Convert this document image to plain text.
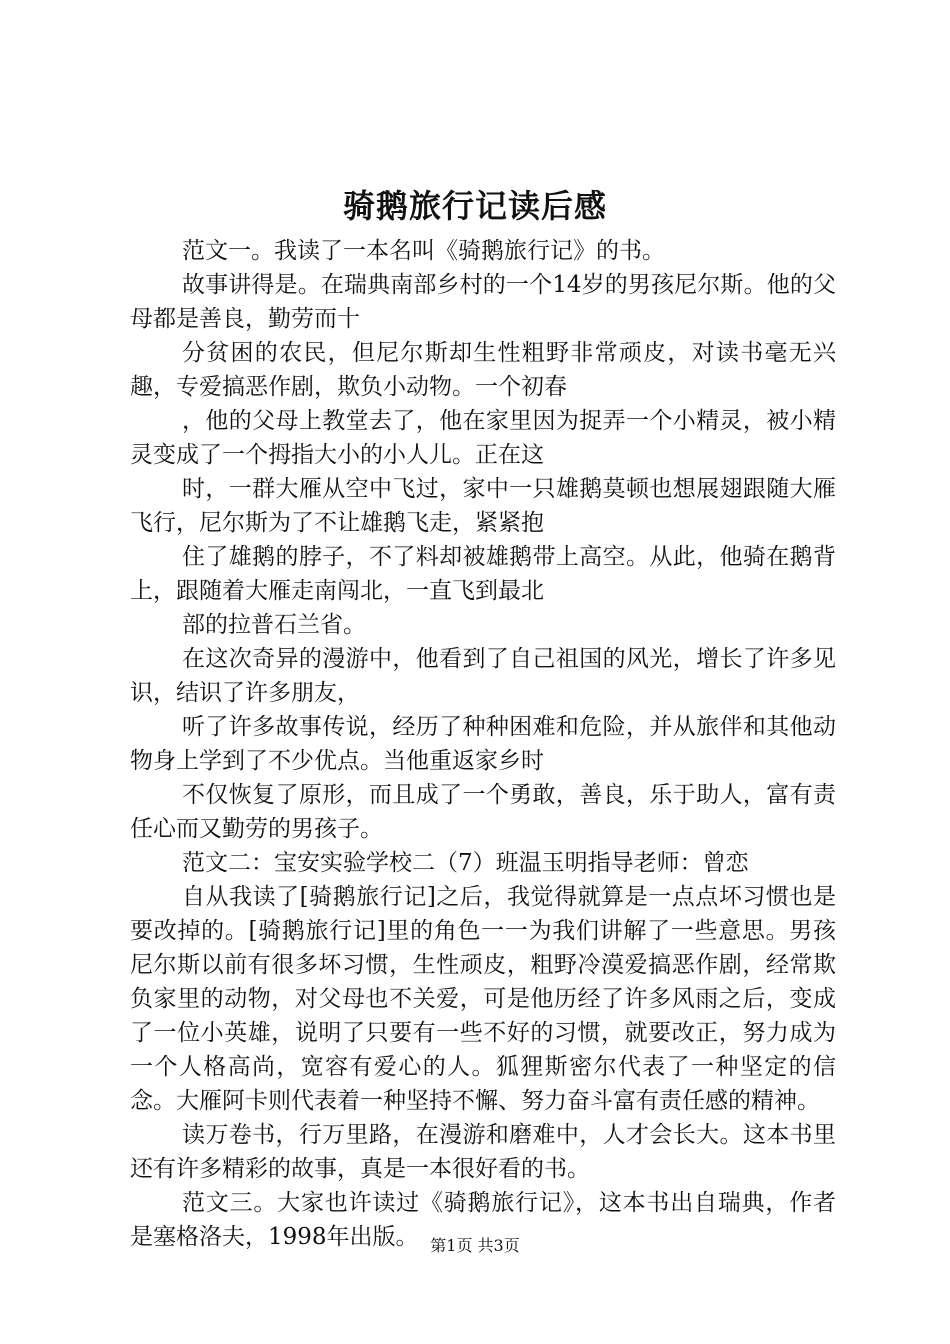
骑鹅旅行记读后感

范文一。我读了一本名叫《骑鹅旅行记》的书。

故事讲得是。在瑞典南部乡村的一个14岁的男孩尼尔斯。他的父母都是善良，勤劳而十

分贫困的农民，但尼尔斯却生性粗野非常顽皮，对读书毫无兴趣，专爱搞恶作剧，欺负小动物。一个初春

，他的父母上教堂去了，他在家里因为捉弄一个小精灵，被小精灵变成了一个拇指大小的小人儿。正在这

时，一群大雁从空中飞过，家中一只雄鹅莫顿也想展翅跟随大雁飞行，尼尔斯为了不让雄鹅飞走，紧紧抱

住了雄鹅的脖子，不了料却被雄鹅带上高空。从此，他骑在鹅背上，跟随着大雁走南闯北，一直飞到最北

部的拉普石兰省。

在这次奇异的漫游中，他看到了自己祖国的风光，增长了许多见识，结识了许多朋友，

听了许多故事传说，经历了种种困难和危险，并从旅伴和其他动物身上学到了不少优点。当他重返家乡时

不仅恢复了原形，而且成了一个勇敢，善良，乐于助人，富有责任心而又勤劳的男孩子。

范文二：宝安实验学校二（7）班温玉明指导老师：曾恋

自从我读了[骑鹅旅行记]之后，我觉得就算是一点点坏习惯也是要改掉的。[骑鹅旅行记]里的角色一一为我们讲解了一些意思。男孩尼尔斯以前有很多坏习惯，生性顽皮，粗野冷漠爱搞恶作剧，经常欺负家里的动物，对父母也不关爱，可是他历经了许多风雨之后，变成了一位小英雄，说明了只要有一些不好的习惯，就要改正，努力成为一个人格高尚，宽容有爱心的人。狐狸斯密尔代表了一种坚定的信念。大雁阿卡则代表着一种坚持不懈、努力奋斗富有责任感的精神。

读万卷书，行万里路，在漫游和磨难中，人才会长大。这本书里还有许多精彩的故事，真是一本很好看的书。

范文三。大家也许读过《骑鹅旅行记》，这本书出自瑞典，作者是塞格洛夫，1998年出版。 第1页 共3页
